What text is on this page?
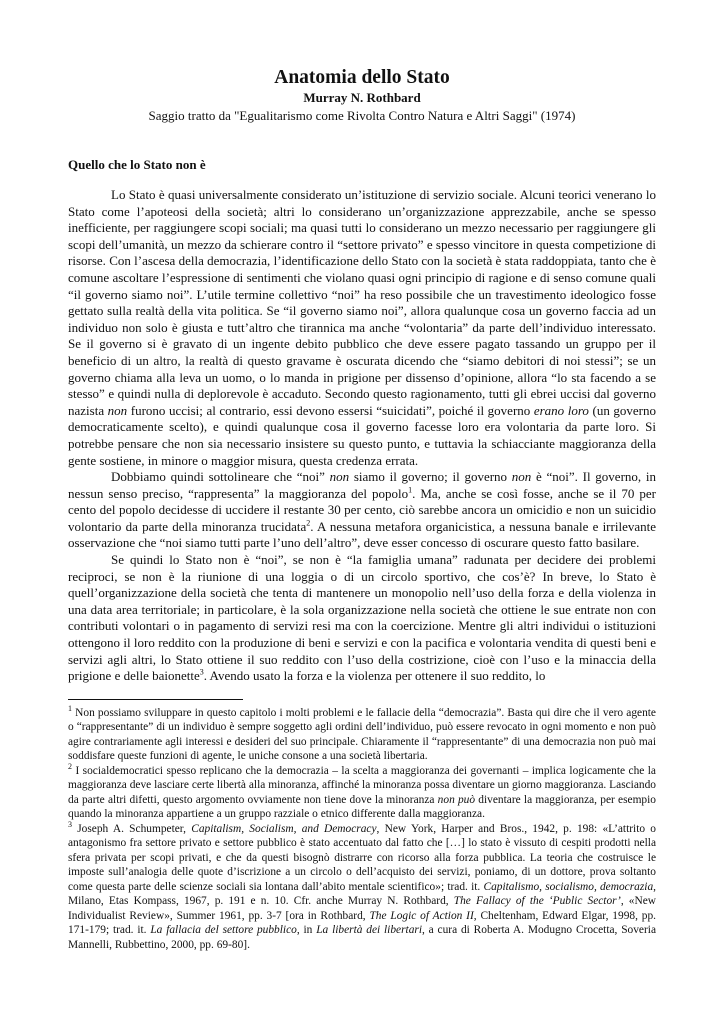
Anatomia dello Stato
Murray N. Rothbard
Saggio tratto da "Egualitarismo come Rivolta Contro Natura e Altri Saggi" (1974)
Quello che lo Stato non è

Lo Stato è quasi universalmente considerato un’istituzione di servizio sociale. Alcuni teorici venerano lo Stato come l’apoteosi della società; altri lo considerano un’organizzazione apprezzabile, anche se spesso inefficiente, per raggiungere scopi sociali; ma quasi tutti lo considerano un mezzo necessario per raggiungere gli scopi dell’umanità, un mezzo da schierare contro il “settore privato” e spesso vincitore in questa competizione di risorse. Con l’ascesa della democrazia, l’identificazione dello Stato con la società è stata raddoppiata, tanto che è comune ascoltare l’espressione di sentimenti che violano quasi ogni principio di ragione e di senso comune quali “il governo siamo noi”. L’utile termine collettivo “noi” ha reso possibile che un travestimento ideologico fosse gettato sulla realtà della vita politica. Se “il governo siamo noi”, allora qualunque cosa un governo faccia ad un individuo non solo è giusta e tutt’altro che tirannica ma anche “volontaria” da parte dell’individuo interessato. Se il governo si è gravato di un ingente debito pubblico che deve essere pagato tassando un gruppo per il beneficio di un altro, la realtà di questo gravame è oscurata dicendo che “siamo debitori di noi stessi”; se un governo chiama alla leva un uomo, o lo manda in prigione per dissenso d’opinione, allora “lo sta facendo a se stesso” e quindi nulla di deplorevole è accaduto. Secondo questo ragionamento, tutti gli ebrei uccisi dal governo nazista non furono uccisi; al contrario, essi devono essersi “suicidati”, poiché il governo erano loro (un governo democraticamente scelto), e quindi qualunque cosa il governo facesse loro era volontaria da parte loro. Si potrebbe pensare che non sia necessario insistere su questo punto, e tuttavia la schiacciante maggioranza della gente sostiene, in minore o maggior misura, questa credenza errata.

Dobbiamo quindi sottolineare che “noi” non siamo il governo; il governo non è “noi”. Il governo, in nessun senso preciso, “rappresenta” la maggioranza del popolo$^1$. Ma, anche se così fosse, anche se il 70 per cento del popolo decidesse di uccidere il restante 30 per cento, ciò sarebbe ancora un omicidio e non un suicidio volontario da parte della minoranza trucidata$^2$. A nessuna metafora organicistica, a nessuna banale e irrilevante osservazione che “noi siamo tutti parte l’uno dell’altro”, deve esser concesso di oscurare questo fatto basilare.

Se quindi lo Stato non è “noi”, se non è “la famiglia umana” radunata per decidere dei problemi reciproci, se non è la riunione di una loggia o di un circolo sportivo, che cos’è? In breve, lo Stato è quell’organizzazione della società che tenta di mantenere un monopolio nell’uso della forza e della violenza in una data area territoriale; in particolare, è la sola organizzazione nella società che ottiene le sue entrate non con contributi volontari o in pagamento di servizi resi ma con la coercizione. Mentre gli altri individui o istituzioni ottengono il loro reddito con la produzione di beni e servizi e con la pacifica e volontaria vendita di questi beni e servizi agli altri, lo Stato ottiene il suo reddito con l’uso della costrizione, cioè con l’uso e la minaccia della prigione e delle baionette$^3$. Avendo usato la forza e la violenza per ottenere il suo reddito, lo

$^1$ Non possiamo sviluppare in questo capitolo i molti problemi e le fallacie della “democrazia”. Basta qui dire che il vero agente o “rappresentante” di un individuo è sempre soggetto agli ordini dell’individuo, può essere revocato in ogni momento e non può agire contrariamente agli interessi e desideri del suo principale. Chiaramente il “rappresentante” di una democrazia non può mai soddisfare queste funzioni di agente, le uniche consone a una società libertaria.

$^2$ I socialdemocratici spesso replicano che la democrazia – la scelta a maggioranza dei governanti – implica logicamente che la maggioranza deve lasciare certe libertà alla minoranza, affinché la minoranza possa diventare un giorno maggioranza. Lasciando da parte altri difetti, questo argomento ovviamente non tiene dove la minoranza non può diventare la maggioranza, per esempio quando la minoranza appartiene a un gruppo razziale o etnico differente dalla maggioranza.

$^3$ Joseph A. Schumpeter, Capitalism, Socialism, and Democracy, New York, Harper and Bros., 1942, p. 198: «L’attrito o antagonismo fra settore privato e settore pubblico è stato accentuato dal fatto che […] lo stato è vissuto di cespiti prodotti nella sfera privata per scopi privati, e che da questi bisognò distrarre con ricorso alla forza pubblica. La teoria che costruisce le imposte sull’analogia delle quote d’iscrizione a un circolo o dell’acquisto dei servizi, poniamo, di un dottore, prova soltanto come questa parte delle scienze sociali sia lontana dall’abito mentale scientifico»; trad. it. Capitalismo, socialismo, democrazia, Milano, Etas Kompass, 1967, p. 191 e n. 10. Cfr. anche Murray N. Rothbard, The Fallacy of the ‘Public Sector’, «New Individualist Review», Summer 1961, pp. 3-7 [ora in Rothbard, The Logic of Action II, Cheltenham, Edward Elgar, 1998, pp. 171-179; trad. it. La fallacia del settore pubblico, in La libertà dei libertari, a cura di Roberta A. Modugno Crocetta, Soveria Mannelli, Rubbettino, 2000, pp. 69-80].
